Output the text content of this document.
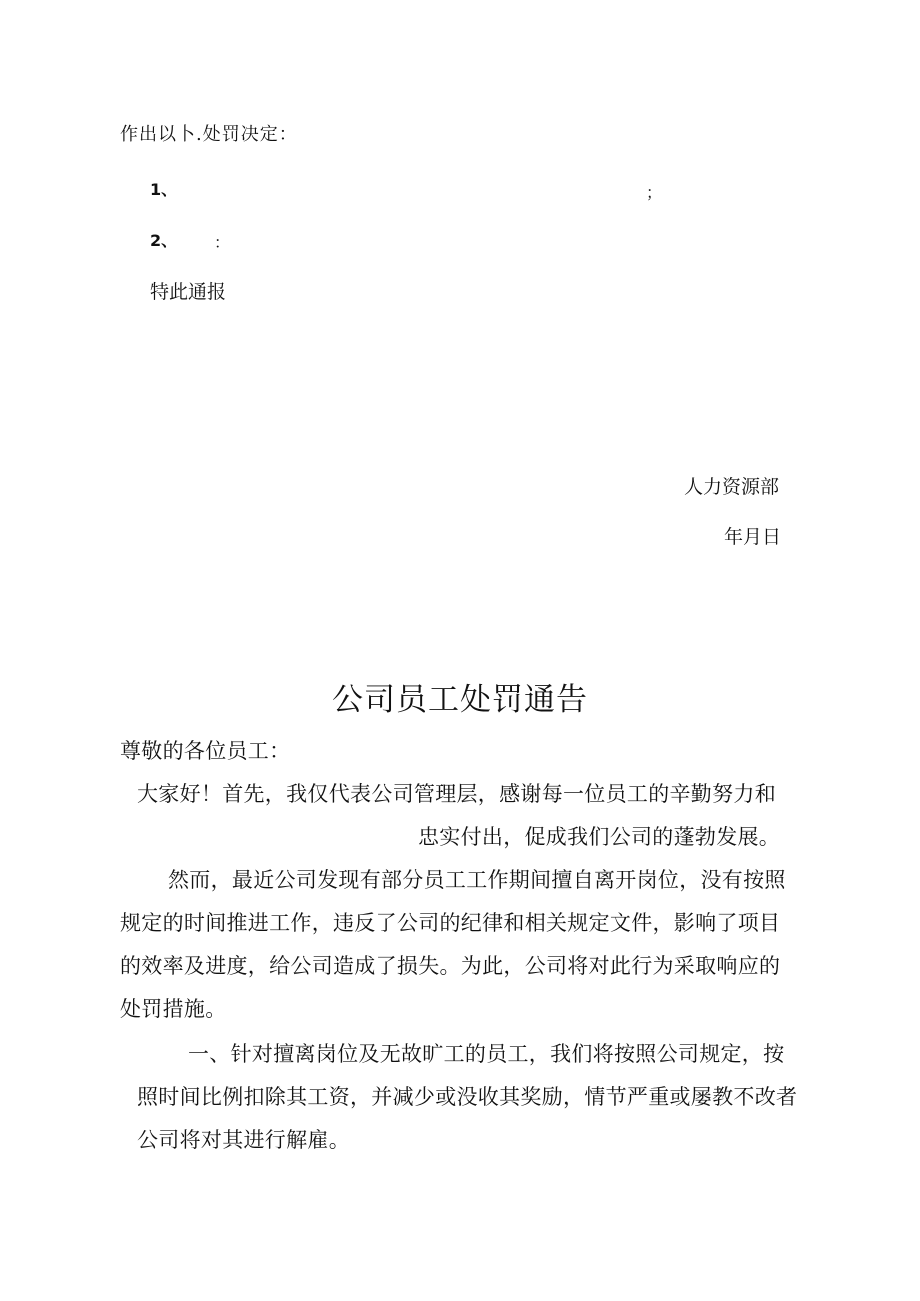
作出以卜.处罚决定：
1、	；
2、 ：
特此通报
人力资源部
年月日
公司员工处罚通告
尊敬的各位员工：
大家好！首先，我仅代表公司管理层，感谢每一位员工的辛勤努力和
忠实付出，促成我们公司的蓬勃发展。
然而，最近公司发现有部分员工工作期间擅自离开岗位，没有按照
规定的时间推进工作，违反了公司的纪律和相关规定文件，影响了项目
的效率及进度，给公司造成了损失。为此，公司将对此行为采取响应的
处罚措施。
一、针对擅离岗位及无故旷工的员工，我们将按照公司规定，按
照时间比例扣除其工资，并减少或没收其奖励，情节严重或屡教不改者
公司将对其进行解雇。
